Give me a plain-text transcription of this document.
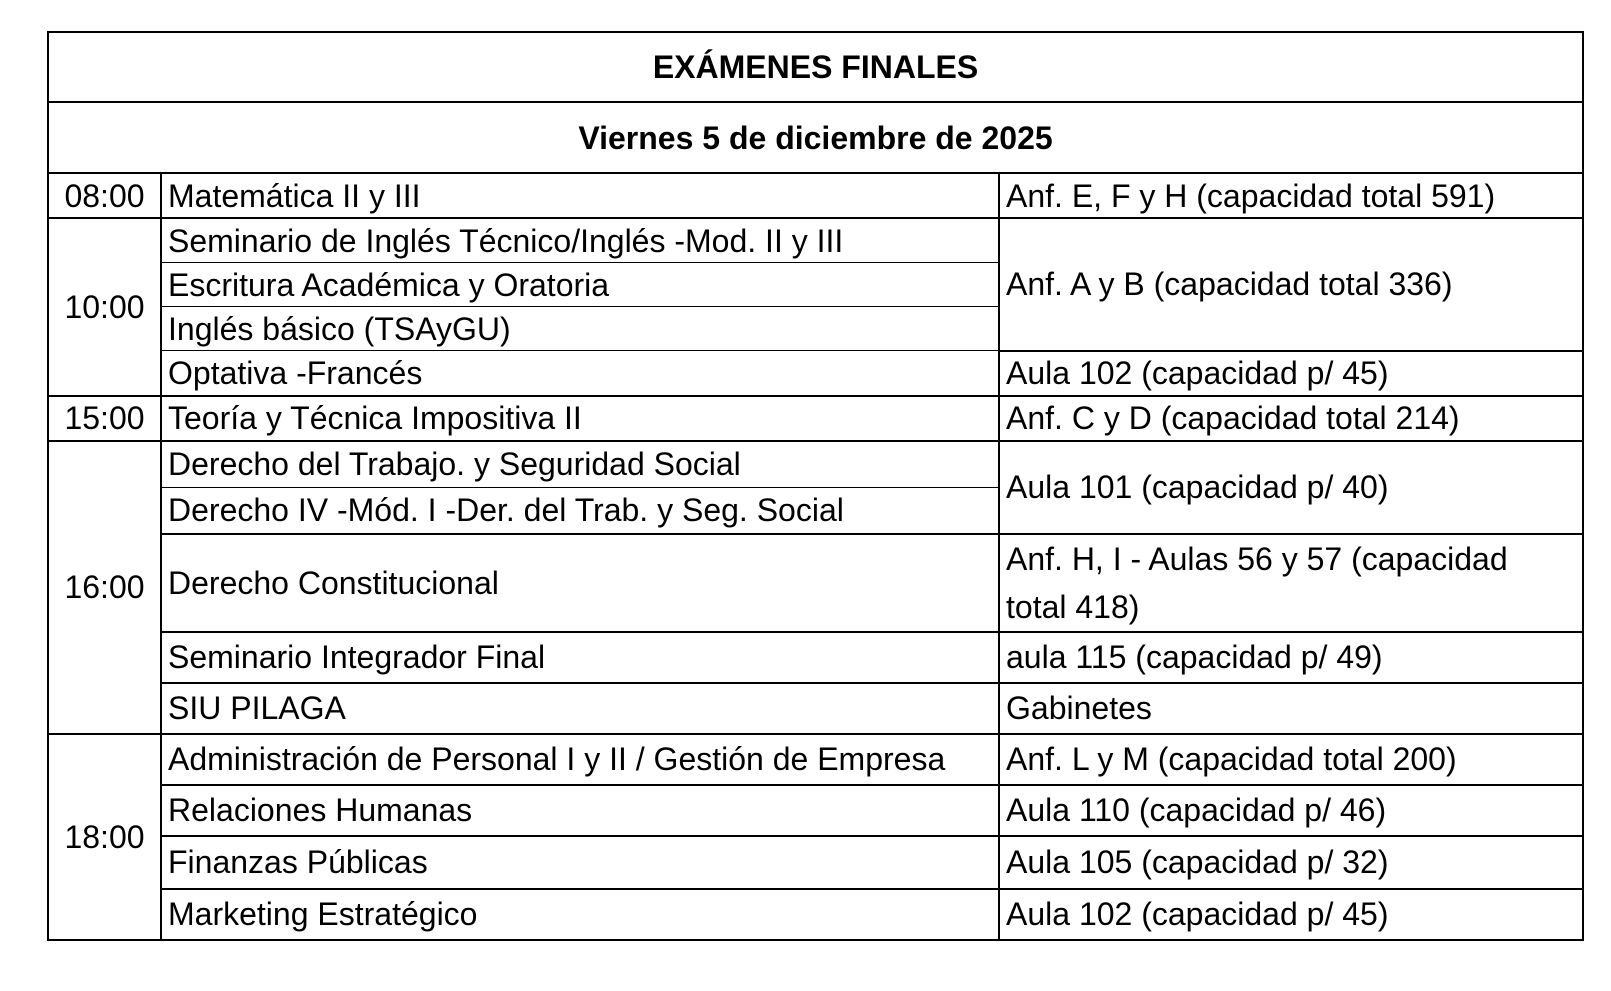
EXÁMENES FINALES		
Viernes 5 de diciembre de 2025		
08:00	Matemática II y III	Anf. E, F y H (capacidad total 591)
10:00	Seminario de Inglés Técnico/Inglés -Mod. II y III	Anf. A y B (capacidad total 336)
	Escritura Académica y Oratoria	
	Inglés básico (TSAyGU)	
	Optativa -Francés	Aula 102 (capacidad p/ 45)
15:00	Teoría y Técnica Impositiva II	Anf. C y D (capacidad total 214)
16:00	Derecho del Trabajo. y Seguridad Social	Aula 101 (capacidad p/ 40)
	Derecho IV -Mód. I -Der. del Trab. y Seg. Social	
	Derecho Constitucional	Anf. H, I - Aulas 56 y 57 (capacidad total 418)
	Seminario Integrador Final	aula 115 (capacidad p/ 49)
	SIU PILAGA	Gabinetes
18:00	Administración de Personal I y II / Gestión de Empresa	Anf. L y M (capacidad total 200)
	Relaciones Humanas	Aula 110 (capacidad p/ 46)
	Finanzas Públicas	Aula 105 (capacidad p/ 32)
	Marketing Estratégico	Aula 102 (capacidad p/ 45)
